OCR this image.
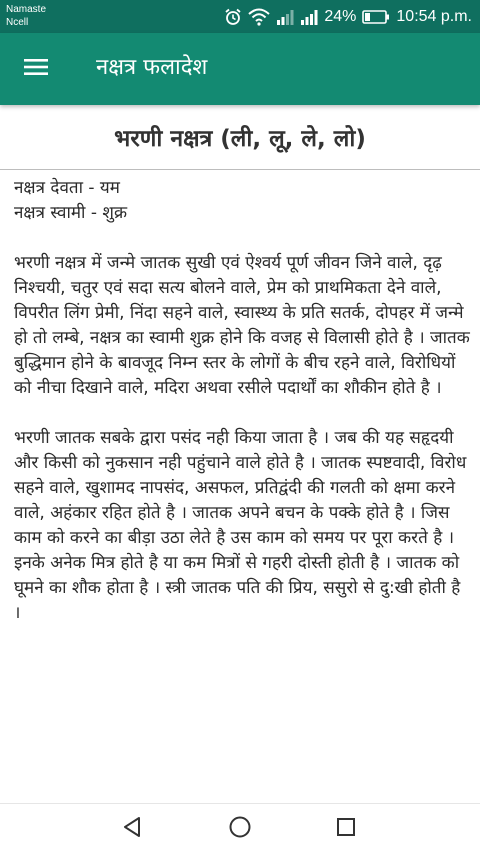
Namaste
Ncell	24%	10:54 p.m.
नक्षत्र फलादेश
भरणी नक्षत्र (ली, लू, ले, लो)

नक्षत्र देवता - यम

नक्षत्र स्वामी - शुक्र

भरणी नक्षत्र में जन्मे जातक सुखी एवं ऐश्वर्य पूर्ण जीवन जिने वाले, दृढ़ निश्चयी, चतुर एवं सदा सत्य बोलने वाले, प्रेम को प्राथमिकता देने वाले, विपरीत लिंग प्रेमी, निंदा सहने वाले, स्वास्थ्य के प्रति सतर्क, दोपहर में जन्मे हो तो लम्बे, नक्षत्र का स्वामी शुक्र होने कि वजह से विलासी होते है । जातक बुद्धिमान होने के बावजूद निम्न स्तर के लोगों के बीच रहने वाले, विरोधियों को नीचा दिखाने वाले, मदिरा अथवा रसीले पदार्थों का शौकीन होते है ।

भरणी जातक सबके द्वारा पसंद नही किया जाता है । जब की यह सहृदयी और किसी को नुकसान नही पहुंचाने वाले होते है । जातक स्पष्टवादी, विरोध सहने वाले, खुशामद नापसंद, असफल, प्रतिद्वंदी की गलती को क्षमा करने वाले, अहंकार रहित होते है । जातक अपने बचन के पक्के होते है । जिस काम को करने का बीड़ा उठा लेते है उस काम को समय पर पूरा करते है । इनके अनेक मित्र होते है या कम मित्रों से गहरी दोस्ती होती है । जातक को घूमने का शौक होता है । स्त्री जातक पति की प्रिय, ससुरो से दु:खी होती है ।
